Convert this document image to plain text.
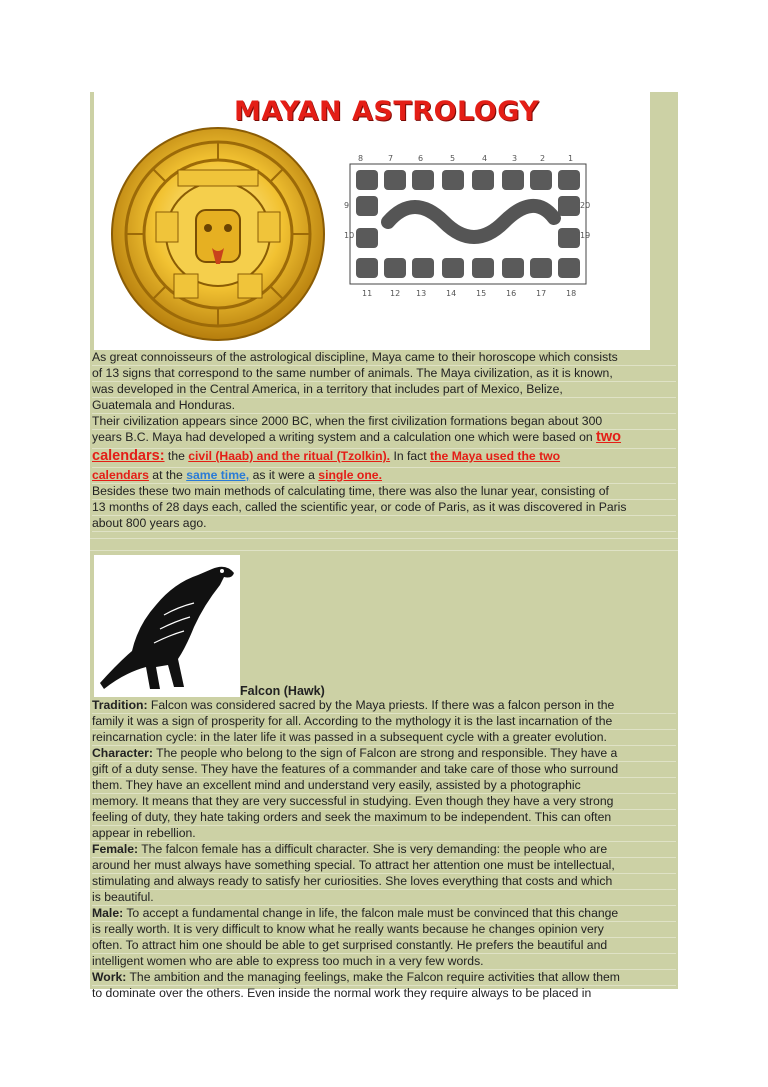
MAYAN ASTROLOGY
8	7	6	5	4	3	2	1
9
10
20
19
11 12 13 14 15 16 17 18
As great connoisseurs of the astrological discipline, Maya came to their horoscope which consists
of 13 signs that correspond to the same number of animals. The Maya civilization, as it is known,
was developed in the Central America, in a territory that includes part of Mexico, Belize,
Guatemala and Honduras.
Their civilization appears since 2000 BC, when the first civilization formations began about 300
years B.C. Maya had developed a writing system and a calculation one which were based on two
calendars: the civil (Haab) and the ritual (Tzolkin). In fact the Maya used the two
calendars at the same time, as it were a single one.
Besides these two main methods of calculating time, there was also the lunar year, consisting of
13 months of 28 days each, called the scientific year, or code of Paris, as it was discovered in Paris
about 800 years ago.
Falcon (Hawk)
Tradition: Falcon was considered sacred by the Maya priests. If there was a falcon person in the
family it was a sign of prosperity for all. According to the mythology it is the last incarnation of the
reincarnation cycle: in the later life it was passed in a subsequent cycle with a greater evolution.
Character: The people who belong to the sign of Falcon are strong and responsible. They have a
gift of a duty sense. They have the features of a commander and take care of those who surround
them. They have an excellent mind and understand very easily, assisted by a photographic
memory. It means that they are very successful in studying. Even though they have a very strong
feeling of duty, they hate taking orders and seek the maximum to be independent. This can often
appear in rebellion.
Female: The falcon female has a difficult character. She is very demanding: the people who are
around her must always have something special. To attract her attention one must be intellectual,
stimulating and always ready to satisfy her curiosities. She loves everything that costs and which
is beautiful.
Male: To accept a fundamental change in life, the falcon male must be convinced that this change
is really worth. It is very difficult to know what he really wants because he changes opinion very
often. To attract him one should be able to get surprised constantly. He prefers the beautiful and
intelligent women who are able to express too much in a very few words.
Work: The ambition and the managing feelings, make the Falcon require activities that allow them
to dominate over the others. Even inside the normal work they require always to be placed in
